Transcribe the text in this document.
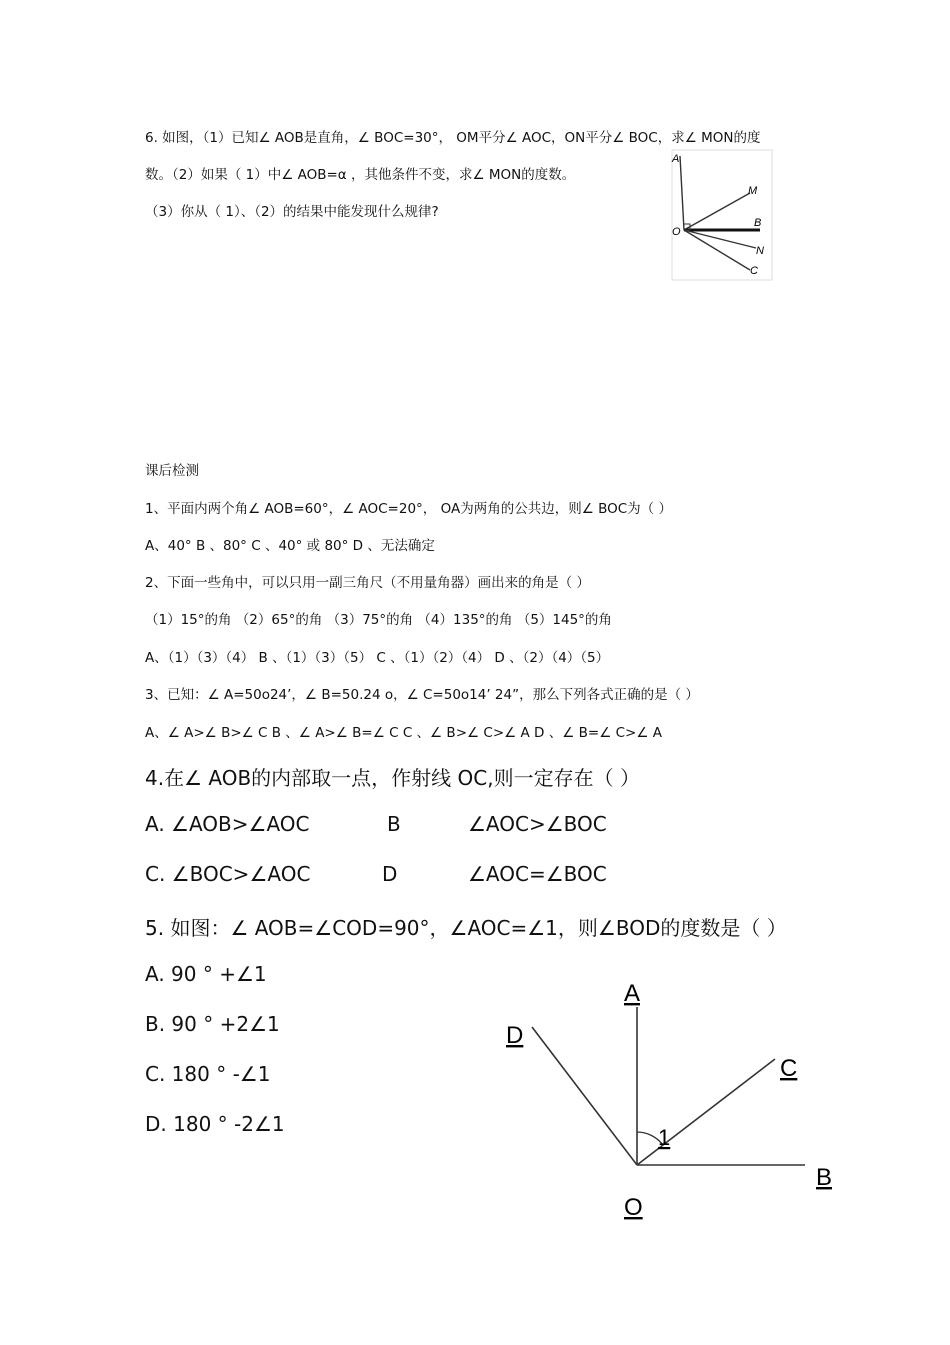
6. 如图，（1）已知∠ AOB是直角，∠ BOC=30°， OM平分∠ AOC，ON平分∠ BOC，求∠ MON的度
数。（2）如果（ 1）中∠ AOB=α ，其他条件不变，求∠ MON的度数。
（3）你从（ 1）、（2）的结果中能发现什么规律?
A
M
B
N
C
O
课后检测
1、平面内两个角∠ AOB=60°，∠ AOC=20°， OA为两角的公共边，则∠ BOC为（ ）
A、40° B 、80° C 、40° 或 80° D 、无法确定
2、下面一些角中，可以只用一副三角尺（不用量角器）画出来的角是（ ）
（1）15°的角 （2）65°的角 （3）75°的角 （4）135°的角 （5）145°的角
A、（1）（3）（4） B 、（1）（3）（5） C 、（1）（2）（4） D 、（2）（4）（5）
3、已知：∠ A=50o24’，∠ B=50.24 o，∠ C=50o14’ 24”，那么下列各式正确的是（ ）
A、∠ A>∠ B>∠ C B 、∠ A>∠ B=∠ C C 、∠ B>∠ C>∠ A D 、∠ B=∠ C>∠ A
4.在∠ AOB的内部取一点，作射线 OC,则一定存在（ ）
A. ∠AOB>∠AOC	B	∠AOC>∠BOC
C. ∠BOC>∠AOC	D	∠AOC=∠BOC
5. 如图：∠ AOB=∠COD=90°，∠AOC=∠1，则∠BOD的度数是（ ）
A. 90 ° +∠1
B. 90 ° +2∠1
C. 180 ° -∠1
D. 180 ° -2∠1
A
D
C
1
B
O
